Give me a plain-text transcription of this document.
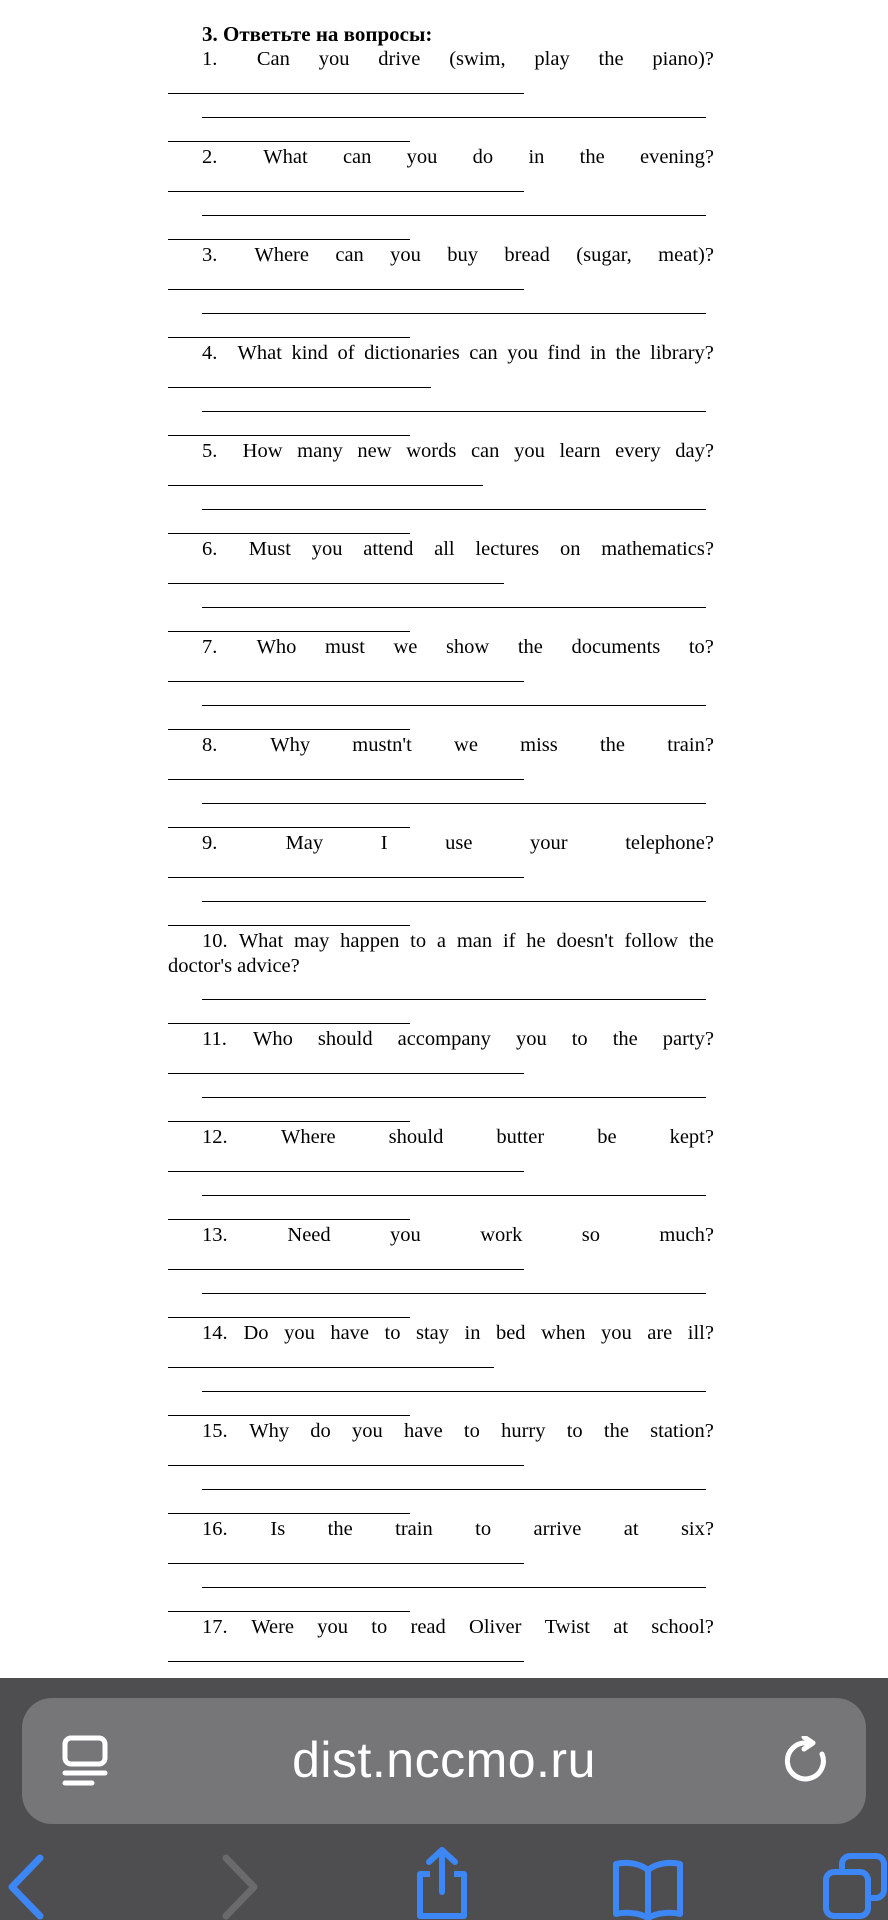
3. Ответьте на вопросы:
1.	Can you drive (swim, play the piano)?
2.	What can you do in the evening?
3.	Where can you buy bread (sugar, meat)?
4. What kind of dictionaries can you find in the library?
5.	How many new words can you learn every day?
6.	Must you attend all lectures on mathematics?
7.	Who must we show the documents to?
8.	Why mustn't we miss the train?
9.	May	I	use	your	telephone?
10. What may happen to a man if he doesn't follow the
doctor's advice?
11. Who should accompany you to the party?
12.	Where	should	butter	be	kept?
13.	Need	you	work	so	much?
14. Do you have to stay in bed when you are ill?
15. Why do you have to hurry to the station?
16. Is the train to arrive at six?
17. Were you to read Oliver Twist at school?
dist.nccmo.ru
